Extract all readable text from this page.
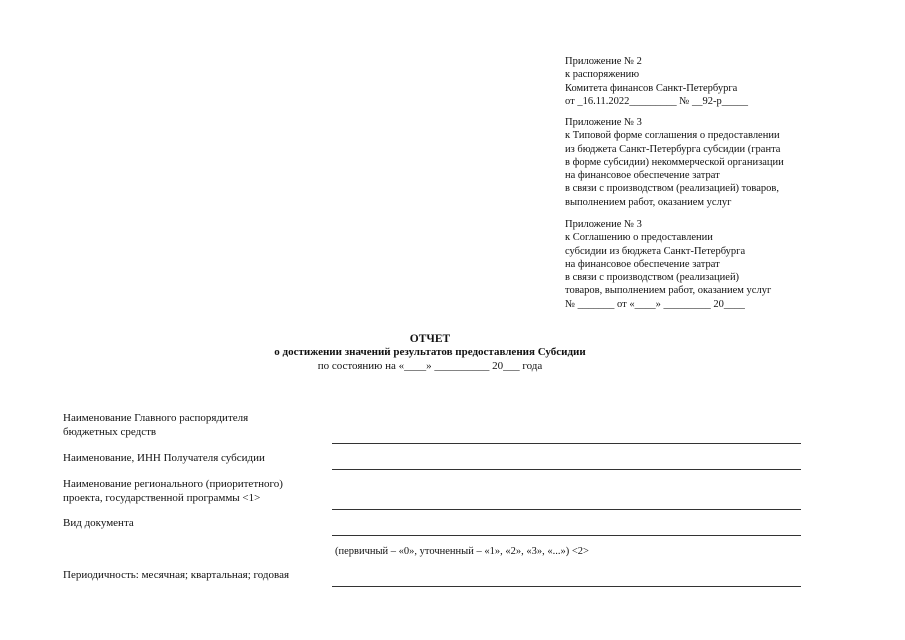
Приложение № 2
к распоряжению
Комитета финансов Санкт-Петербурга
от _16.11.2022_________ № __92-р_____
Приложение № 3
к Типовой форме соглашения о предоставлении
из бюджета Санкт-Петербурга субсидии (гранта
в форме субсидии) некоммерческой организации
на финансовое обеспечение затрат
в связи с производством (реализацией) товаров,
выполнением работ, оказанием услуг
Приложение № 3
к Соглашению о предоставлении
субсидии из бюджета Санкт-Петербурга
на финансовое обеспечение затрат
в связи с производством (реализацией)
товаров, выполнением работ, оказанием услуг
№ _______ от «____» _________ 20____
ОТЧЕТ
о достижении значений результатов предоставления Субсидии
по состоянию на «____» __________ 20___ года
Наименование Главного распорядителя
бюджетных средств
Наименование, ИНН Получателя субсидии
Наименование регионального (приоритетного)
проекта, государственной программы <1>
Вид документа
(первичный – «0», уточненный – «1», «2», «3», «...») <2>
Периодичность: месячная; квартальная; годовая
